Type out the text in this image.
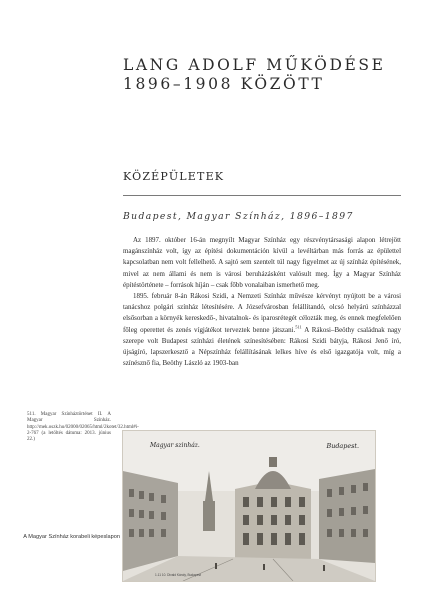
LANG ADOLF MŰKÖDÉSE
1896–1908 KÖZÖTT
KÖZÉPÜLETEK
Budapest, Magyar Színház, 1896–1897

Az 1897. október 16-án megnyílt Magyar Színház egy részvénytársasági alapon létrejött magánszínház volt, így az építési dokumentáción kívül a levéltárban más forrás az épülettel kapcsolatban nem volt fellelhető. A sajtó sem szentelt túl nagy figyelmet az új színház építésének, mivel az nem állami és nem is városi beruházásként valósult meg. Így a Magyar Színház építéstörténete – források híján – csak főbb vonalaiban ismerhető meg.

1895. február 8-án Rákosi Szidi, a Nemzeti Színház művésze kérvényt nyújtott be a városi tanácshoz polgári színház létesítésére. A Józsefvárosban felállítandó, olcsó helyárú színházzal elsősorban a környék kereskedő-, hivatalnok- és iparosrétegét célozták meg, és ennek megfelelően főleg operettet és zenés vígjátékot terveztek benne játszani.$^{511}$ A Rákosi–Beöthy családnak nagy szerepe volt Budapest színházi életének színesítésében: Rákosi Szidi bátyja, Rákosi Jenő író, újságíró, lapszerkesztő a Népszínház felállításának lelkes híve és első igazgatója volt, míg a színésznő fia, Beöthy László az 1903-ban

511. Magyar Színháztörténet II. A Magyar Színház. http://mek.oszk.hu/02000/02065/html/2kotet/32.html#i-2-767 (a letöltés dátuma: 2013. június 22.)
Magyar szinház.	Budapest.
1.11 10. Divald Károly, Budapest
A Magyar Színház korabeli képeslapon
